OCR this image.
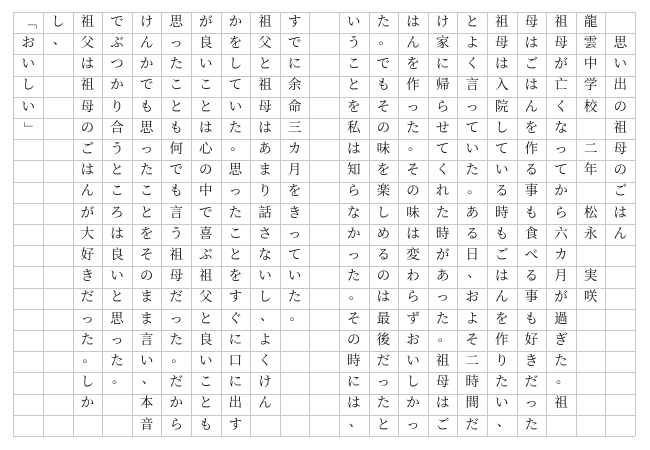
思
い
出
の
祖
母
の
ご
は
ん
龍
雲
中
学
校

二
年

松
永

実
咲
祖
母
が
亡
く
な
っ
て
か
ら
六
カ
月
が
過
ぎ
た
。
祖
母
は
ご
は
ん
を
作
る
事
も
食
べ
る
事
も
好
き
だ
っ
た
祖
母
は
入
院
し
て
い
る
時
も
ご
は
ん
を
作
り
た
い
、
と
よ
く
言
っ
て
い
た
。
あ
る
日
、
お
よ
そ
二
時
間
だ
け
家
に
帰
ら
せ
て
く
れ
た
時
が
あ
っ
た
。
祖
母
は
ご
は
ん
を
作
っ
た
。
そ
の
味
は
変
わ
ら
ず
お
い
し
か
っ
た
。
で
も
そ
の
味
を
楽
し
め
る
の
は
最
後
だ
っ
た
と
い
う
こ
と
を
私
は
知
ら
な
か
っ
た
。
そ
の
時
に
は
、
す
で
に
余
命
三
カ
月
を
き
っ
て
い
た
。
祖
父
と
祖
母
は
あ
ま
り
話
さ
な
い
し
、
よ
く
け
ん
か
を
し
て
い
た
。
思
っ
た
こ
と
を
す
ぐ
に
口
に
出
す
が
良
い
こ
と
は
心
の
中
で
喜
ぶ
祖
父
と
良
い
こ
と
も
思
っ
た
こ
と
も
何
で
も
言
う
祖
母
だ
っ
た
。
だ
か
ら
け
ん
か
で
も
思
っ
た
こ
と
を
そ
の
ま
ま
言
い
、
本
音
で
ぶ
つ
か
り
合
う
と
こ
ろ
は
良
い
と
思
っ
た
。
祖
父
は
祖
母
の
ご
は
ん
が
大
好
き
だ
っ
た
。
し
か
し
、
「
お
い
し
い
」
